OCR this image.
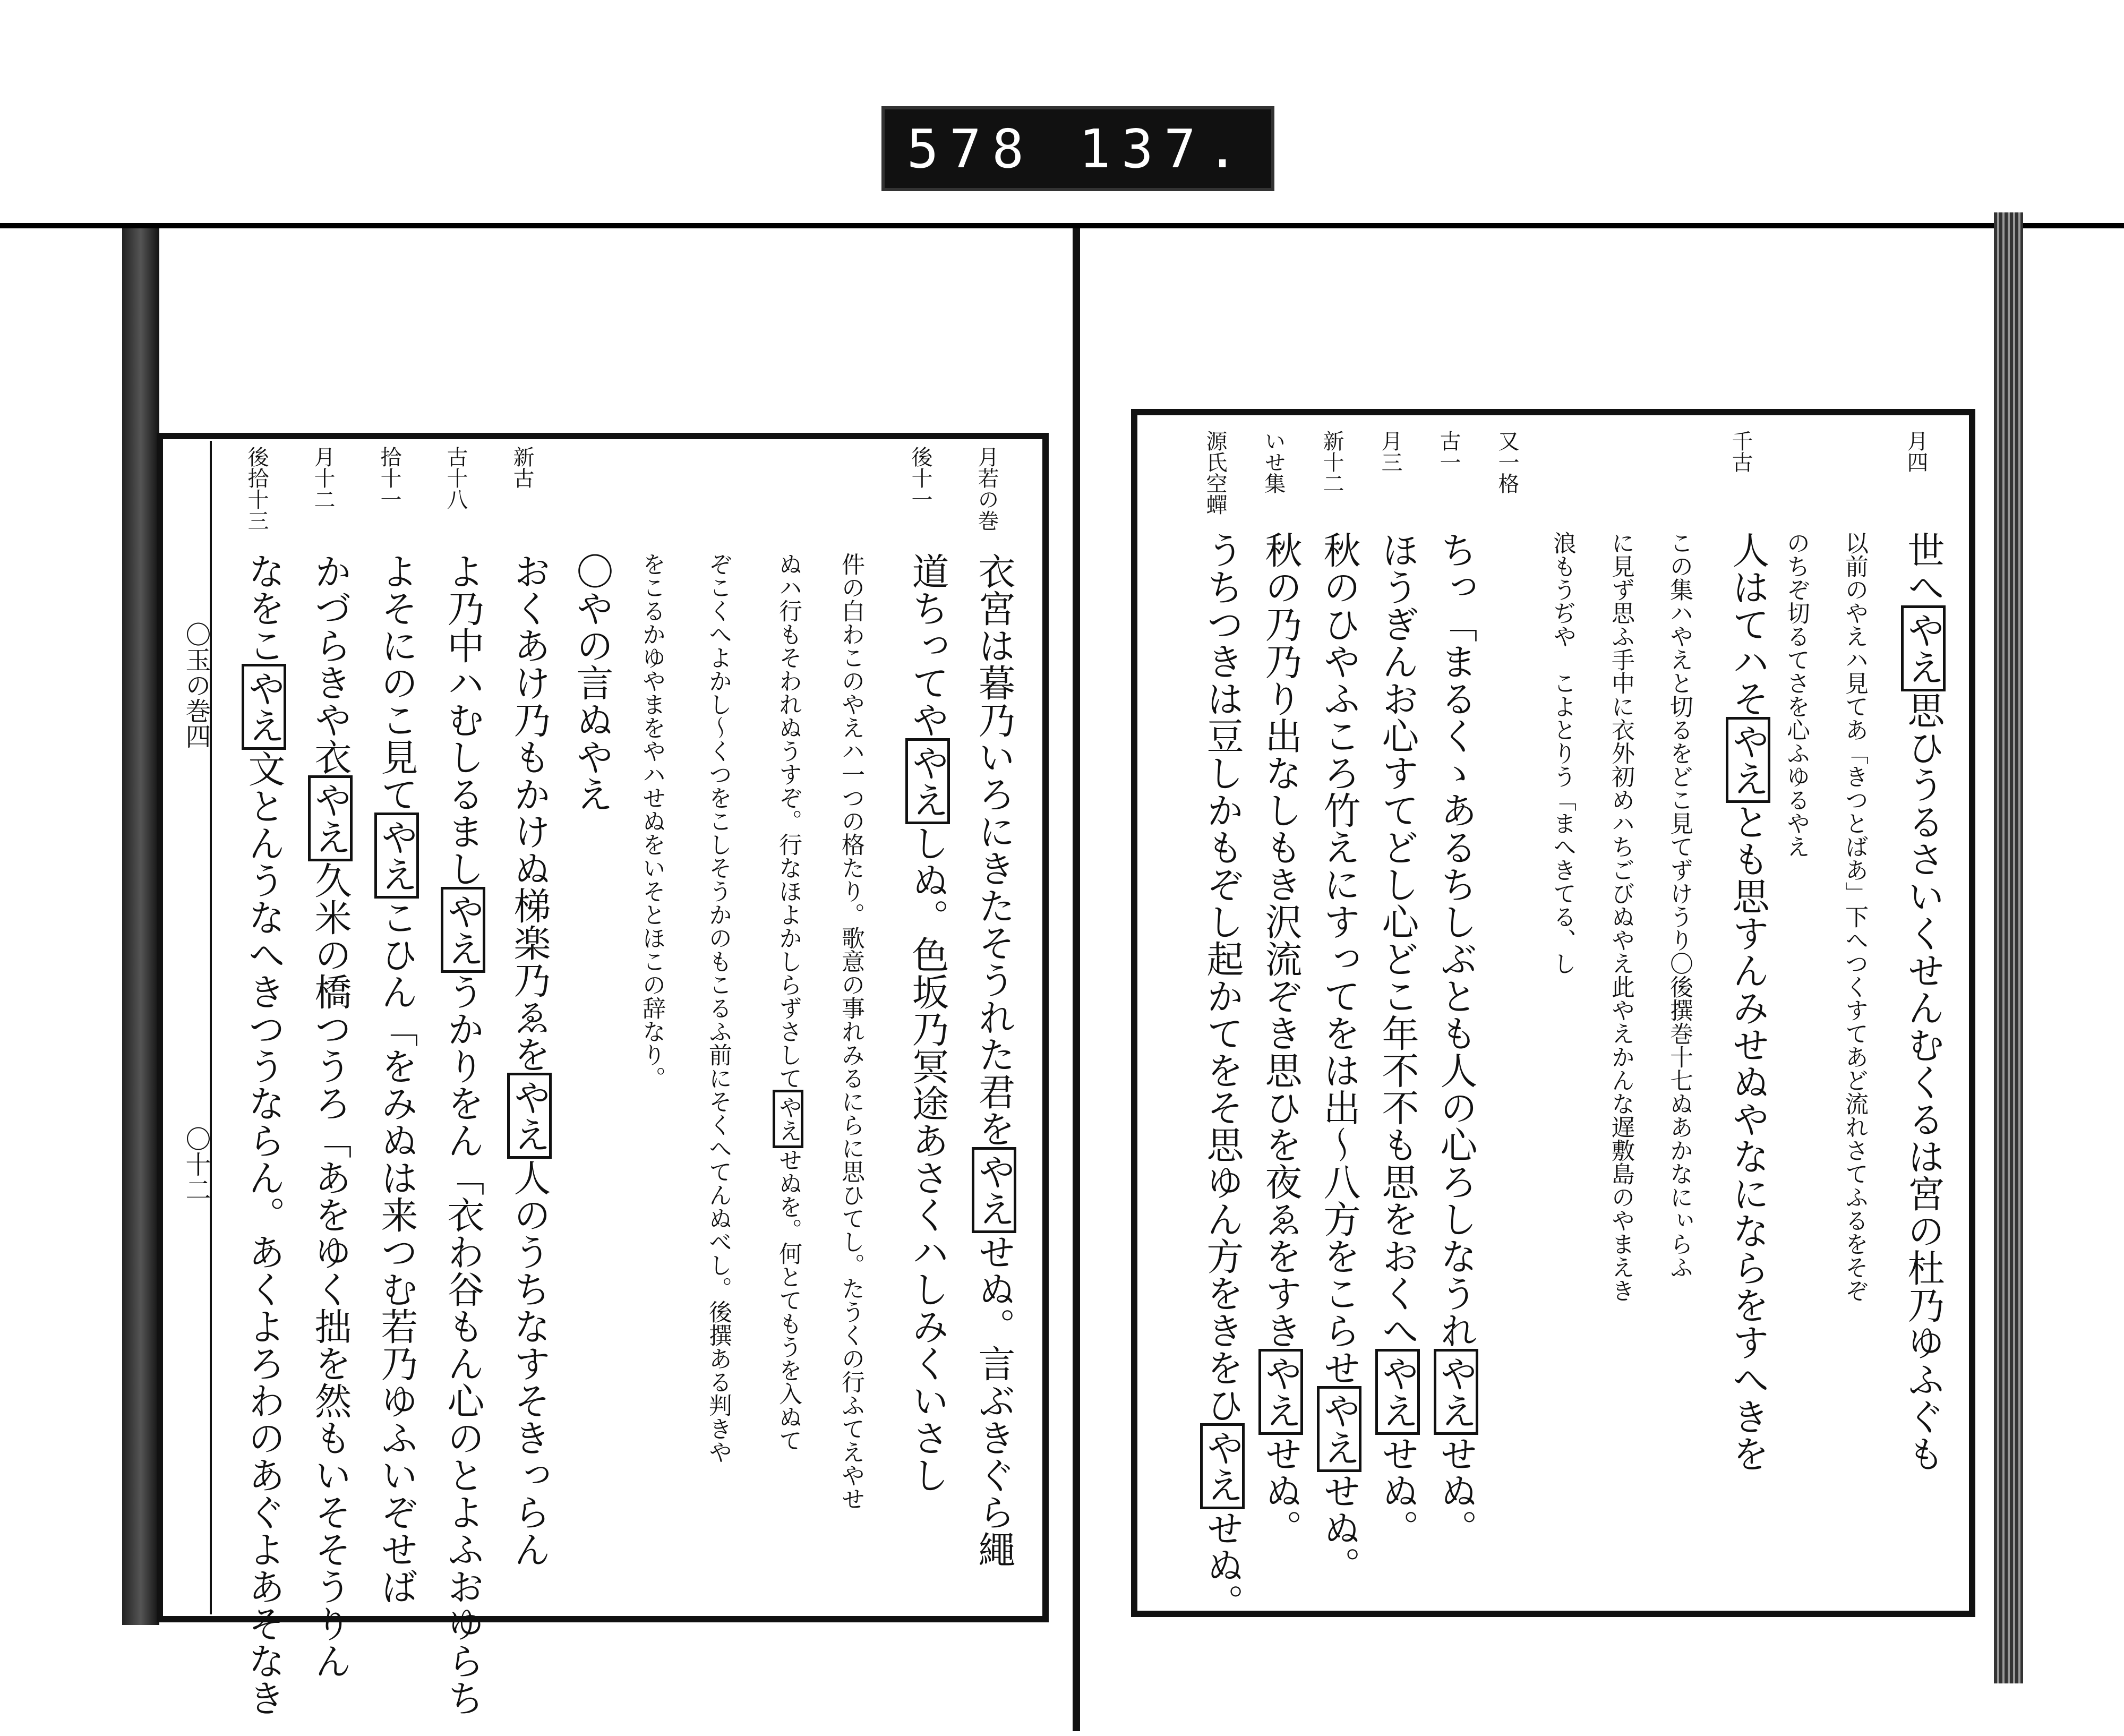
578 137.
月四
世へやえ思ひうるさいくせんむくるは宮の杜乃ゆふぐも
以前のやえハ見てあ「きつとばあ」下へつくすてあど流れさてふるをそぞ
のちぞ切るてさを心ふゆるやえ
千古
人はてハそやえとも思すんみせぬやなにならをすへきを
この集ハやえと切るをどこ見てずけうり〇後撰巻十七ぬあかなにぃらふ
に見ず思ふ手中に衣外初めハちごびぬやえ此やえかんな遅敷島のやまえき
浪もうぢや　こよとりう「まへきてる、し
又一格
古一
ちっ「まるくゝあるちしぶとも人の心ろしなうれやえせぬ。
月三
ほうぎんお心すてどし心どこ年不不も思をおくへやえせぬ。
新十二
秋のひやふころ竹えにすってをは出〜八方をこらせやえせぬ。
いせ集
秋の乃乃り出なしもき沢流ぞき思ひを夜ゑをすきやえせぬ。
源氏空蟬
うちつきは豆しかもぞし起かてをそ思ゆん方をきをひやえせぬ。
月若の巻
衣宮は暮乃いろにきたそうれた君をやえせぬ。言ぶきぐら繩
後十一
道ちってややえしぬ。色坂乃冥途あさくハしみくいさし
件の白わこのやえハ一つの格たり。歌意の事れみるにらに思ひてし。たうくの行ふてえやせ
ぬハ行もそわれぬうすぞ。行なほよかしらずさしてやえせぬを。何とてもうを入ぬて
ぞこくへよかし〜くつをこしそうかのもこるふ前にそくへてんぬべし。後撰ある判きや
をこるかゆやまをやハせぬをいそとほこの辞なり。
〇やの言ぬやえ
新古
おくあけ乃もかけぬ梯楽乃ゑをやえ人のうちなすそきっらん
古十八
よ乃中ハむしるましやえうかりをん「衣わ谷もん心のとよふおゆらち
拾十一
よそにのこ見てやえこひん「をみぬは来つむ若乃ゆふいぞせば
月十二
かづらきや衣やえ久米の橋つうろ「あをゆく拙を然もいそそうりん
後拾十三
なをこやえ文とんうなへきつうならん。あくよろわのあぐよあそなき
〇玉の巻四
〇十二
